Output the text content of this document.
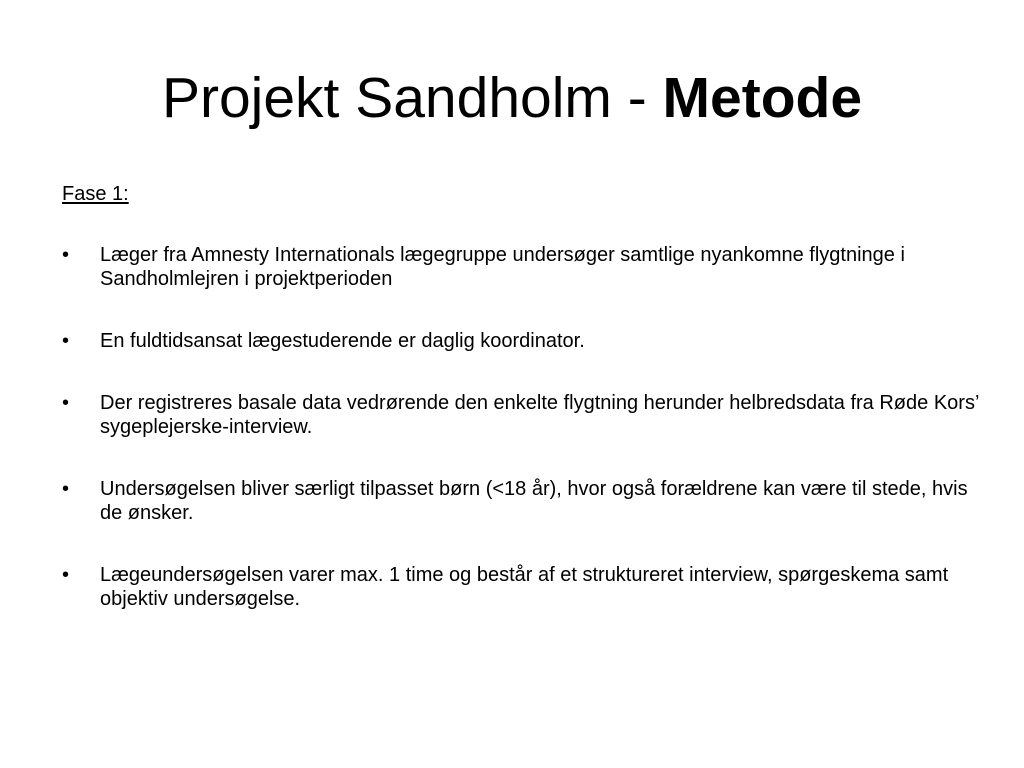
Projekt Sandholm - Metode
Fase 1:
•	Læger fra Amnesty Internationals lægegruppe undersøger samtlige nyankomne flygtninge i Sandholmlejren i projektperioden
•	En fuldtidsansat lægestuderende er daglig koordinator.
•	Der registreres basale data vedrørende den enkelte flygtning herunder helbredsdata fra Røde Kors’ sygeplejerske-interview.
•	Undersøgelsen bliver særligt tilpasset børn (<18 år), hvor også forældrene kan være til stede, hvis de ønsker.
•	Lægeundersøgelsen varer max. 1 time og består af et struktureret interview, spørgeskema samt objektiv undersøgelse.
